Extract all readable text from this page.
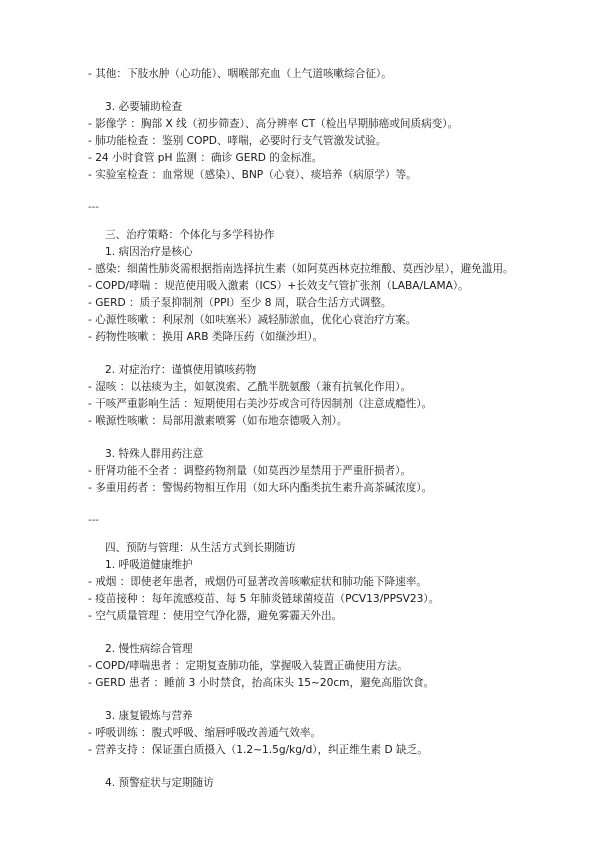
- 其他：下肢水肿（心功能）、咽喉部充血（上气道咳嗽综合征）。
3. 必要辅助检查
- 影像学 ：胸部 X 线（初步筛查）、高分辨率 CT（检出早期肺癌或间质病变）。
- 肺功能检查 ：鉴别 COPD、哮喘，必要时行支气管激发试验。
- 24 小时食管 pH 监测 ：确诊 GERD 的金标准。
- 实验室检查 ：血常规（感染）、BNP（心衰）、痰培养（病原学）等。
---
三、治疗策略：个体化与多学科协作
1. 病因治疗是核心
- 感染：细菌性肺炎需根据指南选择抗生素（如阿莫西林克拉维酸、莫西沙星），避免滥用。
- COPD/哮喘 ：规范使用吸入激素（ICS）+长效支气管扩张剂（LABA/LAMA）。
- GERD ：质子泵抑制剂（PPI）至少 8 周，联合生活方式调整。
- 心源性咳嗽 ：利尿剂（如呋塞米）减轻肺淤血，优化心衰治疗方案。
- 药物性咳嗽 ：换用 ARB 类降压药（如缬沙坦）。
2. 对症治疗：谨慎使用镇咳药物
- 湿咳 ：以祛痰为主，如氨溴索、乙酰半胱氨酸（兼有抗氧化作用）。
- 干咳严重影响生活 ：短期使用右美沙芬或含可待因制剂（注意成瘾性）。
- 喉源性咳嗽 ：局部用激素喷雾（如布地奈德吸入剂）。
3. 特殊人群用药注意
- 肝肾功能不全者 ：调整药物剂量（如莫西沙星禁用于严重肝损者）。
- 多重用药者 ：警惕药物相互作用（如大环内酯类抗生素升高茶碱浓度）。
---
四、预防与管理：从生活方式到长期随访
1. 呼吸道健康维护
- 戒烟 ：即使老年患者，戒烟仍可显著改善咳嗽症状和肺功能下降速率。
- 疫苗接种 ：每年流感疫苗、每 5 年肺炎链球菌疫苗（PCV13/PPSV23）。
- 空气质量管理 ：使用空气净化器，避免雾霾天外出。
2. 慢性病综合管理
- COPD/哮喘患者 ：定期复查肺功能，掌握吸入装置正确使用方法。
- GERD 患者 ：睡前 3 小时禁食，抬高床头 15~20cm，避免高脂饮食。
3. 康复锻炼与营养
- 呼吸训练 ：腹式呼吸、缩唇呼吸改善通气效率。
- 营养支持 ：保证蛋白质摄入（1.2~1.5g/kg/d），纠正维生素 D 缺乏。
4. 预警症状与定期随访
